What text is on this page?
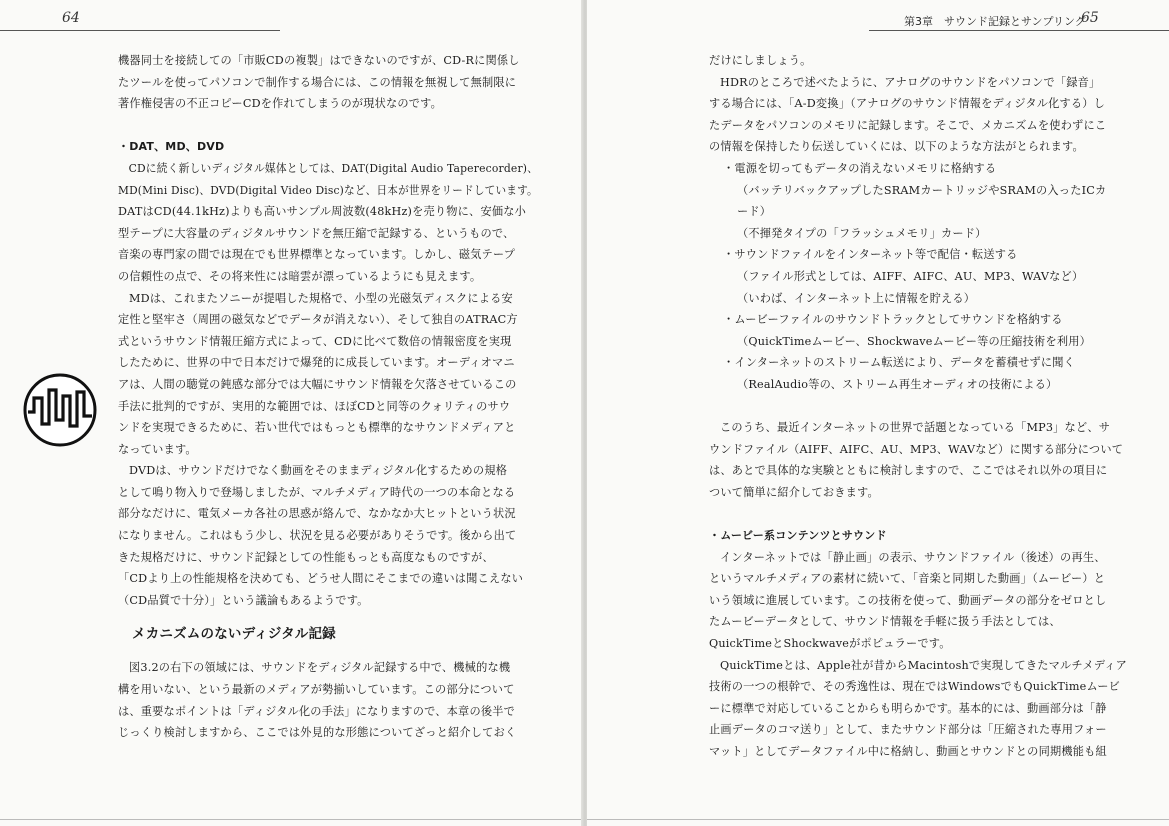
64

機器同士を接続しての「市販CDの複製」はできないのですが、CD-Rに関係し

たツールを使ってパソコンで制作する場合には、この情報を無視して無制限に

著作権侵害の不正コピーCDを作れてしまうのが現状なのです。

・DAT、MD、DVD

CDに続く新しいディジタル媒体としては、DAT(Digital Audio Taperecorder)、

MD(Mini Disc)、DVD(Digital Video Disc)など、日本が世界をリードしています。

DATはCD(44.1kHz)よりも高いサンプル周波数(48kHz)を売り物に、安価な小

型テープに大容量のディジタルサウンドを無圧縮で記録する、というもので、

音楽の専門家の間では現在でも世界標準となっています。しかし、磁気テープ

の信頼性の点で、その将来性には暗雲が漂っているようにも見えます。

MDは、これまたソニーが提唱した規格で、小型の光磁気ディスクによる安

定性と堅牢さ（周囲の磁気などでデータが消えない）、そして独自のATRAC方

式というサウンド情報圧縮方式によって、CDに比べて数倍の情報密度を実現

したために、世界の中で日本だけで爆発的に成長しています。オーディオマニ

アは、人間の聴覚の鈍感な部分では大幅にサウンド情報を欠落させているこの

手法に批判的ですが、実用的な範囲では、ほぼCDと同等のクォリティのサウ

ンドを実現できるために、若い世代ではもっとも標準的なサウンドメディアと

なっています。

DVDは、サウンドだけでなく動画をそのままディジタル化するための規格

として鳴り物入りで登場しましたが、マルチメディア時代の一つの本命となる

部分なだけに、電気メーカ各社の思惑が絡んで、なかなか大ヒットという状況

になりません。これはもう少し、状況を見る必要がありそうです。後から出て

きた規格だけに、サウンド記録としての性能もっとも高度なものですが、

「CDより上の性能規格を決めても、どうせ人間にそこまでの違いは聞こえない

（CD品質で十分）」という議論もあるようです。

メカニズムのないディジタル記録

図3.2の右下の領域には、サウンドをディジタル記録する中で、機械的な機

構を用いない、という最新のメディアが勢揃いしています。この部分について

は、重要なポイントは「ディジタル化の手法」になりますので、本章の後半で

じっくり検討しますから、ここでは外見的な形態についてざっと紹介しておく

第3章　サウンド記録とサンプリング
65

だけにしましょう。

HDRのところで述べたように、アナログのサウンドをパソコンで「録音」

する場合には、「A-D変換」（アナログのサウンド情報をディジタル化する）し

たデータをパソコンのメモリに記録します。そこで、メカニズムを使わずにこ

の情報を保持したり伝送していくには、以下のような方法がとられます。

・電源を切ってもデータの消えないメモリに格納する

（バッテリバックアップしたSRAMカートリッジやSRAMの入ったICカ

ード）

（不揮発タイプの「フラッシュメモリ」カード）

・サウンドファイルをインターネット等で配信・転送する

（ファイル形式としては、AIFF、AIFC、AU、MP3、WAVなど）

（いわば、インターネット上に情報を貯える）

・ムービーファイルのサウンドトラックとしてサウンドを格納する

（QuickTimeムービー、Shockwaveムービー等の圧縮技術を利用）

・インターネットのストリーム転送により、データを蓄積せずに聞く

（RealAudio等の、ストリーム再生オーディオの技術による）

このうち、最近インターネットの世界で話題となっている「MP3」など、サ

ウンドファイル（AIFF、AIFC、AU、MP3、WAVなど）に関する部分について

は、あとで具体的な実験とともに検討しますので、ここではそれ以外の項目に

ついて簡単に紹介しておきます。

・ムービー系コンテンツとサウンド

インターネットでは「静止画」の表示、サウンドファイル（後述）の再生、

というマルチメディアの素材に続いて、「音楽と同期した動画」（ムービー）と

いう領域に進展しています。この技術を使って、動画データの部分をゼロとし

たムービーデータとして、サウンド情報を手軽に扱う手法としては、

QuickTimeとShockwaveがポピュラーです。

QuickTimeとは、Apple社が昔からMacintoshで実現してきたマルチメディア

技術の一つの根幹で、その秀逸性は、現在ではWindowsでもQuickTimeムービ

ーに標準で対応していることからも明らかです。基本的には、動画部分は「静

止画データのコマ送り」として、またサウンド部分は「圧縮された専用フォー

マット」としてデータファイル中に格納し、動画とサウンドとの同期機能も組
